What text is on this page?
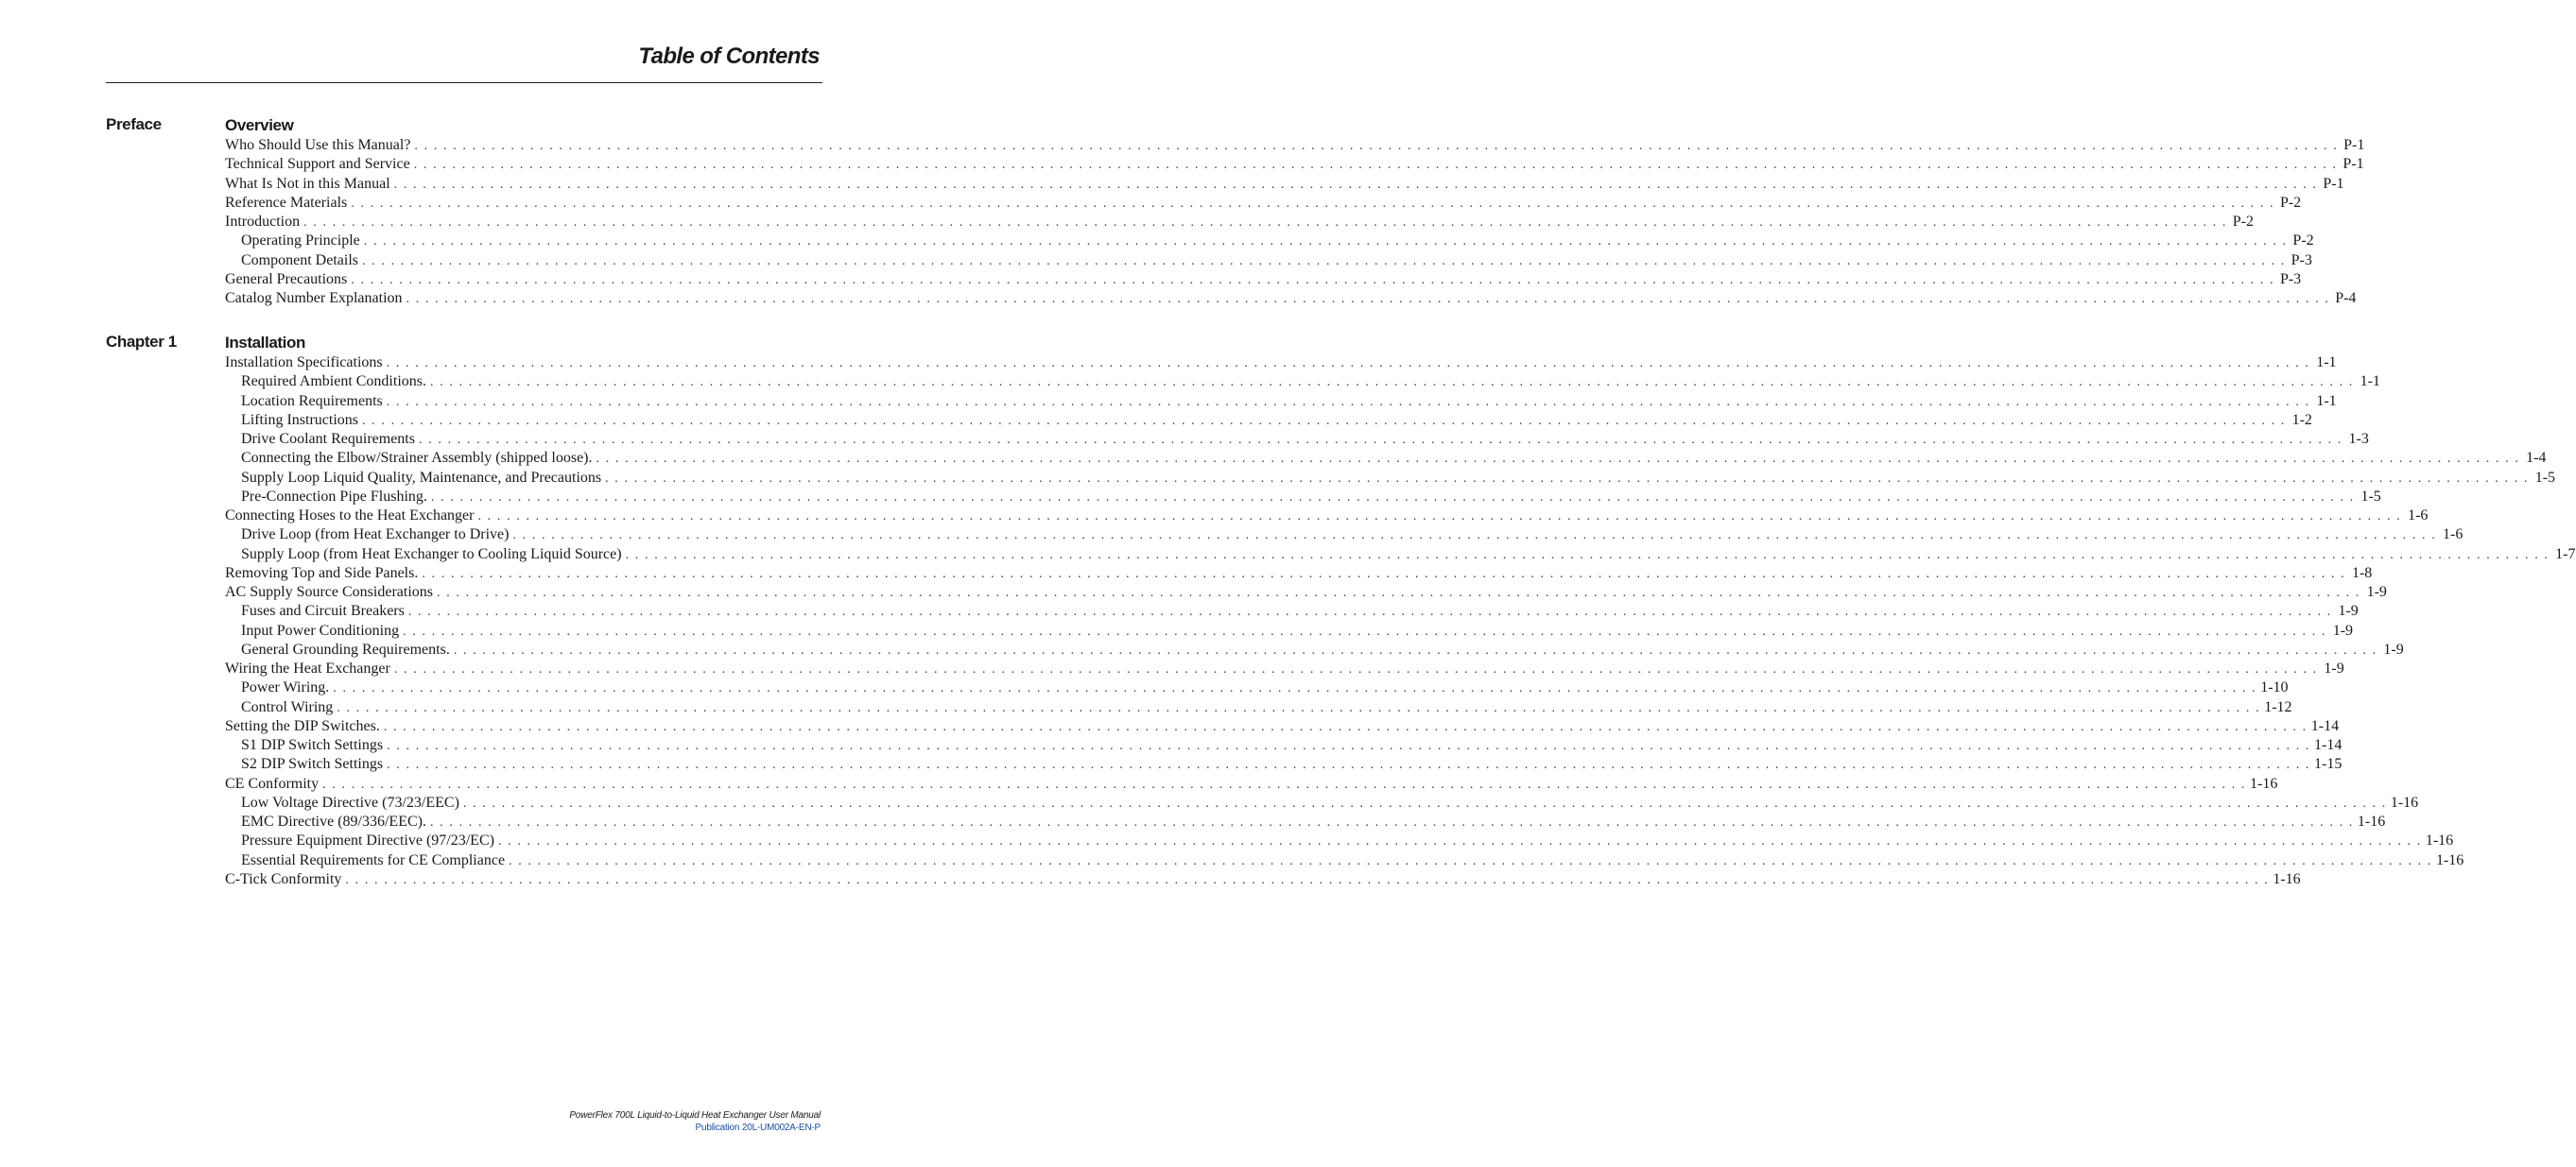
Table of Contents
Preface	Overview
Who Should Use this Manual? . . . . . . . . . . . . . . . . . . . . . . . . . . . . . . . . . . . . . . . . . . . . . . . . . . . . . . . . . . . . . . . . . . . . . . . . . . . . . . . . . . . . . . . . . . . . . . . . . . . . . . . . . . . . . . . . . . . . . . . . . . . . . . . . . . . . . . . . . . . . . . . . . . . . . . . . . . . . . . . . . . . . . . . . . . . . . . . . . . . . . . . . . . . . . . . . . . . . . . . . P-1
Technical Support and Service . . . . . . . . . . . . . . . . . . . . . . . . . . . . . . . . . . . . . . . . . . . . . . . . . . . . . . . . . . . . . . . . . . . . . . . . . . . . . . . . . . . . . . . . . . . . . . . . . . . . . . . . . . . . . . . . . . . . . . . . . . . . . . . . . . . . . . . . . . . . . . . . . . . . . . . . . . . . . . . . . . . . . . . . . . . . . . . . . . . . . . . . . . . . . . . . . . . . . . . . P-1
What Is Not in this Manual . . . . . . . . . . . . . . . . . . . . . . . . . . . . . . . . . . . . . . . . . . . . . . . . . . . . . . . . . . . . . . . . . . . . . . . . . . . . . . . . . . . . . . . . . . . . . . . . . . . . . . . . . . . . . . . . . . . . . . . . . . . . . . . . . . . . . . . . . . . . . . . . . . . . . . . . . . . . . . . . . . . . . . . . . . . . . . . . . . . . . . . . . . . . . . . . . . . . . . . . P-1
Reference Materials . . . . . . . . . . . . . . . . . . . . . . . . . . . . . . . . . . . . . . . . . . . . . . . . . . . . . . . . . . . . . . . . . . . . . . . . . . . . . . . . . . . . . . . . . . . . . . . . . . . . . . . . . . . . . . . . . . . . . . . . . . . . . . . . . . . . . . . . . . . . . . . . . . . . . . . . . . . . . . . . . . . . . . . . . . . . . . . . . . . . . . . . . . . . . . . . . . . . . . . . P-2
Introduction . . . . . . . . . . . . . . . . . . . . . . . . . . . . . . . . . . . . . . . . . . . . . . . . . . . . . . . . . . . . . . . . . . . . . . . . . . . . . . . . . . . . . . . . . . . . . . . . . . . . . . . . . . . . . . . . . . . . . . . . . . . . . . . . . . . . . . . . . . . . . . . . . . . . . . . . . . . . . . . . . . . . . . . . . . . . . . . . . . . . . . . . . . . . . . . . . . . . . . . . P-2
Operating Principle . . . . . . . . . . . . . . . . . . . . . . . . . . . . . . . . . . . . . . . . . . . . . . . . . . . . . . . . . . . . . . . . . . . . . . . . . . . . . . . . . . . . . . . . . . . . . . . . . . . . . . . . . . . . . . . . . . . . . . . . . . . . . . . . . . . . . . . . . . . . . . . . . . . . . . . . . . . . . . . . . . . . . . . . . . . . . . . . . . . . . . . . . . . . . . . . . . . . . . . . P-2
Component Details . . . . . . . . . . . . . . . . . . . . . . . . . . . . . . . . . . . . . . . . . . . . . . . . . . . . . . . . . . . . . . . . . . . . . . . . . . . . . . . . . . . . . . . . . . . . . . . . . . . . . . . . . . . . . . . . . . . . . . . . . . . . . . . . . . . . . . . . . . . . . . . . . . . . . . . . . . . . . . . . . . . . . . . . . . . . . . . . . . . . . . . . . . . . . . . . . . . . . . . . P-3
General Precautions . . . . . . . . . . . . . . . . . . . . . . . . . . . . . . . . . . . . . . . . . . . . . . . . . . . . . . . . . . . . . . . . . . . . . . . . . . . . . . . . . . . . . . . . . . . . . . . . . . . . . . . . . . . . . . . . . . . . . . . . . . . . . . . . . . . . . . . . . . . . . . . . . . . . . . . . . . . . . . . . . . . . . . . . . . . . . . . . . . . . . . . . . . . . . . . . . . . . . . . . P-3
Catalog Number Explanation . . . . . . . . . . . . . . . . . . . . . . . . . . . . . . . . . . . . . . . . . . . . . . . . . . . . . . . . . . . . . . . . . . . . . . . . . . . . . . . . . . . . . . . . . . . . . . . . . . . . . . . . . . . . . . . . . . . . . . . . . . . . . . . . . . . . . . . . . . . . . . . . . . . . . . . . . . . . . . . . . . . . . . . . . . . . . . . . . . . . . . . . . . . . . . . . . . . . . . . . P-4
Chapter 1	Installation
Installation Specifications . . . . . . . . . . . . . . . . . . . . . . . . . . . . . . . . . . . . . . . . . . . . . . . . . . . . . . . . . . . . . . . . . . . . . . . . . . . . . . . . . . . . . . . . . . . . . . . . . . . . . . . . . . . . . . . . . . . . . . . . . . . . . . . . . . . . . . . . . . . . . . . . . . . . . . . . . . . . . . . . . . . . . . . . . . . . . . . . . . . . . . . . . . . . . . . . . . . . . . . . 1-1
Required Ambient Conditions. . . . . . . . . . . . . . . . . . . . . . . . . . . . . . . . . . . . . . . . . . . . . . . . . . . . . . . . . . . . . . . . . . . . . . . . . . . . . . . . . . . . . . . . . . . . . . . . . . . . . . . . . . . . . . . . . . . . . . . . . . . . . . . . . . . . . . . . . . . . . . . . . . . . . . . . . . . . . . . . . . . . . . . . . . . . . . . . . . . . . . . . . . . . . . . . . . . . . . . . . 1-1
Location Requirements . . . . . . . . . . . . . . . . . . . . . . . . . . . . . . . . . . . . . . . . . . . . . . . . . . . . . . . . . . . . . . . . . . . . . . . . . . . . . . . . . . . . . . . . . . . . . . . . . . . . . . . . . . . . . . . . . . . . . . . . . . . . . . . . . . . . . . . . . . . . . . . . . . . . . . . . . . . . . . . . . . . . . . . . . . . . . . . . . . . . . . . . . . . . . . . . . . . . . . . . 1-1
Lifting Instructions . . . . . . . . . . . . . . . . . . . . . . . . . . . . . . . . . . . . . . . . . . . . . . . . . . . . . . . . . . . . . . . . . . . . . . . . . . . . . . . . . . . . . . . . . . . . . . . . . . . . . . . . . . . . . . . . . . . . . . . . . . . . . . . . . . . . . . . . . . . . . . . . . . . . . . . . . . . . . . . . . . . . . . . . . . . . . . . . . . . . . . . . . . . . . . . . . . . . . . . . 1-2
Drive Coolant Requirements . . . . . . . . . . . . . . . . . . . . . . . . . . . . . . . . . . . . . . . . . . . . . . . . . . . . . . . . . . . . . . . . . . . . . . . . . . . . . . . . . . . . . . . . . . . . . . . . . . . . . . . . . . . . . . . . . . . . . . . . . . . . . . . . . . . . . . . . . . . . . . . . . . . . . . . . . . . . . . . . . . . . . . . . . . . . . . . . . . . . . . . . . . . . . . . . . . . . . . . . 1-3
Connecting the Elbow/Strainer Assembly (shipped loose). . . . . . . . . . . . . . . . . . . . . . . . . . . . . . . . . . . . . . . . . . . . . . . . . . . . . . . . . . . . . . . . . . . . . . . . . . . . . . . . . . . . . . . . . . . . . . . . . . . . . . . . . . . . . . . . . . . . . . . . . . . . . . . . . . . . . . . . . . . . . . . . . . . . . . . . . . . . . . . . . . . . . . . . . . . . . . . . . . . . . . . . . . . . . . . . . . . . . . . . . 1-4
Supply Loop Liquid Quality, Maintenance, and Precautions . . . . . . . . . . . . . . . . . . . . . . . . . . . . . . . . . . . . . . . . . . . . . . . . . . . . . . . . . . . . . . . . . . . . . . . . . . . . . . . . . . . . . . . . . . . . . . . . . . . . . . . . . . . . . . . . . . . . . . . . . . . . . . . . . . . . . . . . . . . . . . . . . . . . . . . . . . . . . . . . . . . . . . . . . . . . . . . . . . . . . . . . . . . . . . . . . . . . . . . . 1-5
Pre-Connection Pipe Flushing. . . . . . . . . . . . . . . . . . . . . . . . . . . . . . . . . . . . . . . . . . . . . . . . . . . . . . . . . . . . . . . . . . . . . . . . . . . . . . . . . . . . . . . . . . . . . . . . . . . . . . . . . . . . . . . . . . . . . . . . . . . . . . . . . . . . . . . . . . . . . . . . . . . . . . . . . . . . . . . . . . . . . . . . . . . . . . . . . . . . . . . . . . . . . . . . . . . . . . . . . 1-5
Connecting Hoses to the Heat Exchanger . . . . . . . . . . . . . . . . . . . . . . . . . . . . . . . . . . . . . . . . . . . . . . . . . . . . . . . . . . . . . . . . . . . . . . . . . . . . . . . . . . . . . . . . . . . . . . . . . . . . . . . . . . . . . . . . . . . . . . . . . . . . . . . . . . . . . . . . . . . . . . . . . . . . . . . . . . . . . . . . . . . . . . . . . . . . . . . . . . . . . . . . . . . . . . . . . . . . . . . . 1-6
Drive Loop (from Heat Exchanger to Drive) . . . . . . . . . . . . . . . . . . . . . . . . . . . . . . . . . . . . . . . . . . . . . . . . . . . . . . . . . . . . . . . . . . . . . . . . . . . . . . . . . . . . . . . . . . . . . . . . . . . . . . . . . . . . . . . . . . . . . . . . . . . . . . . . . . . . . . . . . . . . . . . . . . . . . . . . . . . . . . . . . . . . . . . . . . . . . . . . . . . . . . . . . . . . . . . . . . . . . . . . 1-6
Supply Loop (from Heat Exchanger to Cooling Liquid Source) . . . . . . . . . . . . . . . . . . . . . . . . . . . . . . . . . . . . . . . . . . . . . . . . . . . . . . . . . . . . . . . . . . . . . . . . . . . . . . . . . . . . . . . . . . . . . . . . . . . . . . . . . . . . . . . . . . . . . . . . . . . . . . . . . . . . . . . . . . . . . . . . . . . . . . . . . . . . . . . . . . . . . . . . . . . . . . . . . . . . . . . . . . . . . . . . . . . . . . . . 1-7
Removing Top and Side Panels. . . . . . . . . . . . . . . . . . . . . . . . . . . . . . . . . . . . . . . . . . . . . . . . . . . . . . . . . . . . . . . . . . . . . . . . . . . . . . . . . . . . . . . . . . . . . . . . . . . . . . . . . . . . . . . . . . . . . . . . . . . . . . . . . . . . . . . . . . . . . . . . . . . . . . . . . . . . . . . . . . . . . . . . . . . . . . . . . . . . . . . . . . . . . . . . . . . . . . . . . 1-8
AC Supply Source Considerations . . . . . . . . . . . . . . . . . . . . . . . . . . . . . . . . . . . . . . . . . . . . . . . . . . . . . . . . . . . . . . . . . . . . . . . . . . . . . . . . . . . . . . . . . . . . . . . . . . . . . . . . . . . . . . . . . . . . . . . . . . . . . . . . . . . . . . . . . . . . . . . . . . . . . . . . . . . . . . . . . . . . . . . . . . . . . . . . . . . . . . . . . . . . . . . . . . . . . . . . 1-9
Fuses and Circuit Breakers . . . . . . . . . . . . . . . . . . . . . . . . . . . . . . . . . . . . . . . . . . . . . . . . . . . . . . . . . . . . . . . . . . . . . . . . . . . . . . . . . . . . . . . . . . . . . . . . . . . . . . . . . . . . . . . . . . . . . . . . . . . . . . . . . . . . . . . . . . . . . . . . . . . . . . . . . . . . . . . . . . . . . . . . . . . . . . . . . . . . . . . . . . . . . . . . . . . . . . . . 1-9
Input Power Conditioning . . . . . . . . . . . . . . . . . . . . . . . . . . . . . . . . . . . . . . . . . . . . . . . . . . . . . . . . . . . . . . . . . . . . . . . . . . . . . . . . . . . . . . . . . . . . . . . . . . . . . . . . . . . . . . . . . . . . . . . . . . . . . . . . . . . . . . . . . . . . . . . . . . . . . . . . . . . . . . . . . . . . . . . . . . . . . . . . . . . . . . . . . . . . . . . . . . . . . . . . 1-9
General Grounding Requirements. . . . . . . . . . . . . . . . . . . . . . . . . . . . . . . . . . . . . . . . . . . . . . . . . . . . . . . . . . . . . . . . . . . . . . . . . . . . . . . . . . . . . . . . . . . . . . . . . . . . . . . . . . . . . . . . . . . . . . . . . . . . . . . . . . . . . . . . . . . . . . . . . . . . . . . . . . . . . . . . . . . . . . . . . . . . . . . . . . . . . . . . . . . . . . . . . . . . . . . . . 1-9
Wiring the Heat Exchanger . . . . . . . . . . . . . . . . . . . . . . . . . . . . . . . . . . . . . . . . . . . . . . . . . . . . . . . . . . . . . . . . . . . . . . . . . . . . . . . . . . . . . . . . . . . . . . . . . . . . . . . . . . . . . . . . . . . . . . . . . . . . . . . . . . . . . . . . . . . . . . . . . . . . . . . . . . . . . . . . . . . . . . . . . . . . . . . . . . . . . . . . . . . . . . . . . . . . . . . . 1-9
Power Wiring. . . . . . . . . . . . . . . . . . . . . . . . . . . . . . . . . . . . . . . . . . . . . . . . . . . . . . . . . . . . . . . . . . . . . . . . . . . . . . . . . . . . . . . . . . . . . . . . . . . . . . . . . . . . . . . . . . . . . . . . . . . . . . . . . . . . . . . . . . . . . . . . . . . . . . . . . . . . . . . . . . . . . . . . . . . . . . . . . . . . . . . . . . . . . . . . . . . . . . . . . 1-10
Control Wiring . . . . . . . . . . . . . . . . . . . . . . . . . . . . . . . . . . . . . . . . . . . . . . . . . . . . . . . . . . . . . . . . . . . . . . . . . . . . . . . . . . . . . . . . . . . . . . . . . . . . . . . . . . . . . . . . . . . . . . . . . . . . . . . . . . . . . . . . . . . . . . . . . . . . . . . . . . . . . . . . . . . . . . . . . . . . . . . . . . . . . . . . . . . . . . . . . . . . . . . . 1-12
Setting the DIP Switches. . . . . . . . . . . . . . . . . . . . . . . . . . . . . . . . . . . . . . . . . . . . . . . . . . . . . . . . . . . . . . . . . . . . . . . . . . . . . . . . . . . . . . . . . . . . . . . . . . . . . . . . . . . . . . . . . . . . . . . . . . . . . . . . . . . . . . . . . . . . . . . . . . . . . . . . . . . . . . . . . . . . . . . . . . . . . . . . . . . . . . . . . . . . . . . . . . . . . . . . . 1-14
S1 DIP Switch Settings . . . . . . . . . . . . . . . . . . . . . . . . . . . . . . . . . . . . . . . . . . . . . . . . . . . . . . . . . . . . . . . . . . . . . . . . . . . . . . . . . . . . . . . . . . . . . . . . . . . . . . . . . . . . . . . . . . . . . . . . . . . . . . . . . . . . . . . . . . . . . . . . . . . . . . . . . . . . . . . . . . . . . . . . . . . . . . . . . . . . . . . . . . . . . . . . . . . . . . . . 1-14
S2 DIP Switch Settings . . . . . . . . . . . . . . . . . . . . . . . . . . . . . . . . . . . . . . . . . . . . . . . . . . . . . . . . . . . . . . . . . . . . . . . . . . . . . . . . . . . . . . . . . . . . . . . . . . . . . . . . . . . . . . . . . . . . . . . . . . . . . . . . . . . . . . . . . . . . . . . . . . . . . . . . . . . . . . . . . . . . . . . . . . . . . . . . . . . . . . . . . . . . . . . . . . . . . . . . 1-15
CE Conformity . . . . . . . . . . . . . . . . . . . . . . . . . . . . . . . . . . . . . . . . . . . . . . . . . . . . . . . . . . . . . . . . . . . . . . . . . . . . . . . . . . . . . . . . . . . . . . . . . . . . . . . . . . . . . . . . . . . . . . . . . . . . . . . . . . . . . . . . . . . . . . . . . . . . . . . . . . . . . . . . . . . . . . . . . . . . . . . . . . . . . . . . . . . . . . . . . . . . . . . . 1-16
Low Voltage Directive (73/23/EEC) . . . . . . . . . . . . . . . . . . . . . . . . . . . . . . . . . . . . . . . . . . . . . . . . . . . . . . . . . . . . . . . . . . . . . . . . . . . . . . . . . . . . . . . . . . . . . . . . . . . . . . . . . . . . . . . . . . . . . . . . . . . . . . . . . . . . . . . . . . . . . . . . . . . . . . . . . . . . . . . . . . . . . . . . . . . . . . . . . . . . . . . . . . . . . . . . . . . . . . . . 1-16
EMC Directive (89/336/EEC). . . . . . . . . . . . . . . . . . . . . . . . . . . . . . . . . . . . . . . . . . . . . . . . . . . . . . . . . . . . . . . . . . . . . . . . . . . . . . . . . . . . . . . . . . . . . . . . . . . . . . . . . . . . . . . . . . . . . . . . . . . . . . . . . . . . . . . . . . . . . . . . . . . . . . . . . . . . . . . . . . . . . . . . . . . . . . . . . . . . . . . . . . . . . . . . . . . . . . . . . 1-16
Pressure Equipment Directive (97/23/EC) . . . . . . . . . . . . . . . . . . . . . . . . . . . . . . . . . . . . . . . . . . . . . . . . . . . . . . . . . . . . . . . . . . . . . . . . . . . . . . . . . . . . . . . . . . . . . . . . . . . . . . . . . . . . . . . . . . . . . . . . . . . . . . . . . . . . . . . . . . . . . . . . . . . . . . . . . . . . . . . . . . . . . . . . . . . . . . . . . . . . . . . . . . . . . . . . . . . . . . . . 1-16
Essential Requirements for CE Compliance . . . . . . . . . . . . . . . . . . . . . . . . . . . . . . . . . . . . . . . . . . . . . . . . . . . . . . . . . . . . . . . . . . . . . . . . . . . . . . . . . . . . . . . . . . . . . . . . . . . . . . . . . . . . . . . . . . . . . . . . . . . . . . . . . . . . . . . . . . . . . . . . . . . . . . . . . . . . . . . . . . . . . . . . . . . . . . . . . . . . . . . . . . . . . . . . . . . . . . . . 1-16
C-Tick Conformity . . . . . . . . . . . . . . . . . . . . . . . . . . . . . . . . . . . . . . . . . . . . . . . . . . . . . . . . . . . . . . . . . . . . . . . . . . . . . . . . . . . . . . . . . . . . . . . . . . . . . . . . . . . . . . . . . . . . . . . . . . . . . . . . . . . . . . . . . . . . . . . . . . . . . . . . . . . . . . . . . . . . . . . . . . . . . . . . . . . . . . . . . . . . . . . . . . . . . . . . 1-16
PowerFlex 700L Liquid-to-Liquid Heat Exchanger User Manual
Publication 20L-UM002A-EN-P
